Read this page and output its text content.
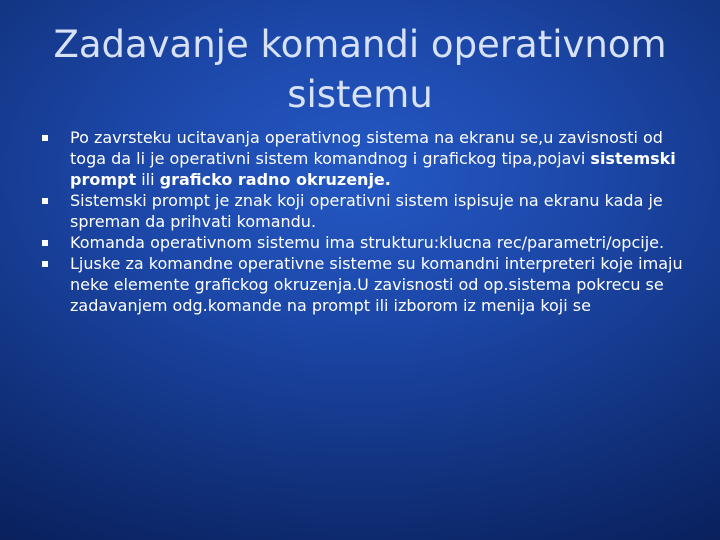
Zadavanje komandi operativnom
sistemu
Po zavrsteku ucitavanja operativnog sistema na ekranu se,u zavisnosti od toga da li je operativni sistem komandnog i grafickog tipa,pojavi sistemski prompt ili graficko radno okruzenje.
Sistemski prompt je znak koji operativni sistem ispisuje na ekranu kada je spreman da prihvati komandu.
Komanda operativnom sistemu ima strukturu:klucna rec/parametri/opcije.
Ljuske za komandne operativne sisteme su komandni interpreteri koje imaju neke elemente grafickog okruzenja.U zavisnosti od op.sistema pokrecu se zadavanjem odg.komande na prompt ili izborom iz menija koji se
